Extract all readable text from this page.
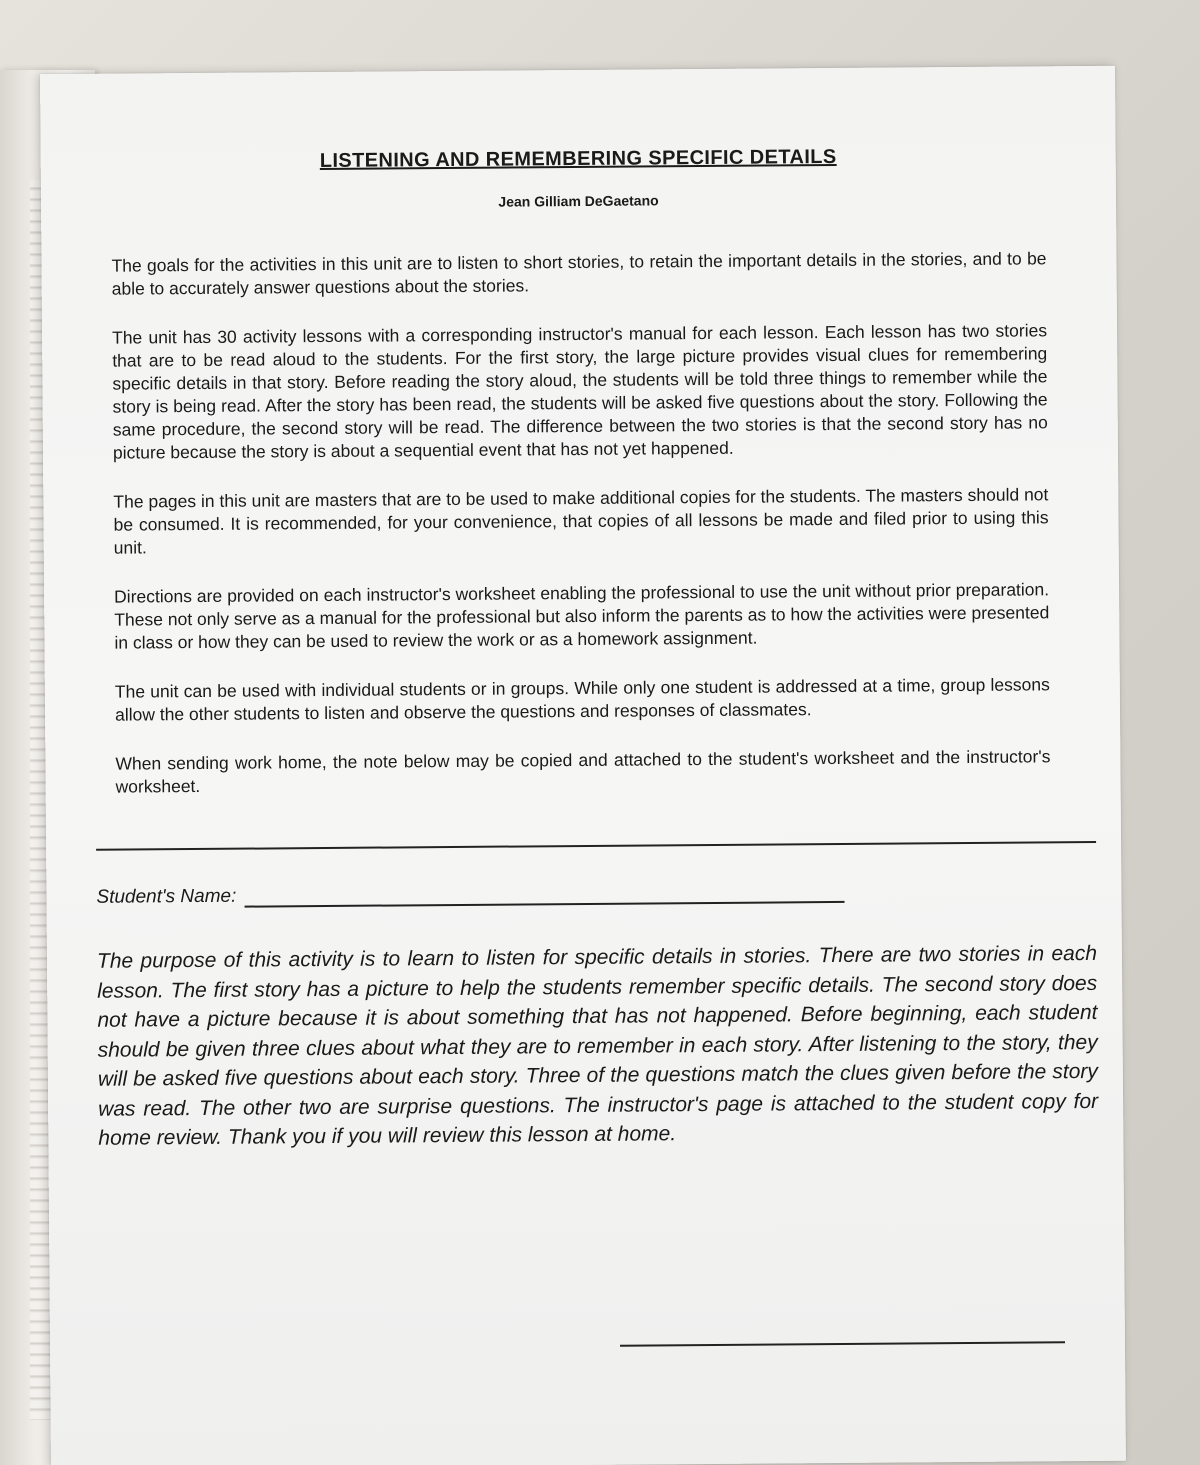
LISTENING AND REMEMBERING SPECIFIC DETAILS
Jean Gilliam DeGaetano

The goals for the activities in this unit are to listen to short stories, to retain the important details in the stories, and to be able to accurately answer questions about the stories.

The unit has 30 activity lessons with a corresponding instructor's manual for each lesson. Each lesson has two stories that are to be read aloud to the students. For the first story, the large picture provides visual clues for remembering specific details in that story. Before reading the story aloud, the students will be told three things to remember while the story is being read. After the story has been read, the students will be asked five questions about the story. Following the same procedure, the second story will be read. The difference between the two stories is that the second story has no picture because the story is about a sequential event that has not yet happened.

The pages in this unit are masters that are to be used to make additional copies for the students. The masters should not be consumed. It is recommended, for your convenience, that copies of all lessons be made and filed prior to using this unit.

Directions are provided on each instructor's worksheet enabling the professional to use the unit without prior preparation. These not only serve as a manual for the professional but also inform the parents as to how the activities were presented in class or how they can be used to review the work or as a homework assignment.

The unit can be used with individual students or in groups. While only one student is addressed at a time, group lessons allow the other students to listen and observe the questions and responses of classmates.

When sending work home, the note below may be copied and attached to the student's worksheet and the instructor's worksheet.

Student's Name:

The purpose of this activity is to learn to listen for specific details in stories. There are two stories in each lesson. The first story has a picture to help the students remember specific details. The second story does not have a picture because it is about something that has not happened. Before beginning, each student should be given three clues about what they are to remember in each story. After listening to the story, they will be asked five questions about each story. Three of the questions match the clues given before the story was read. The other two are surprise questions. The instructor's page is attached to the student copy for home review. Thank you if you will review this lesson at home.
